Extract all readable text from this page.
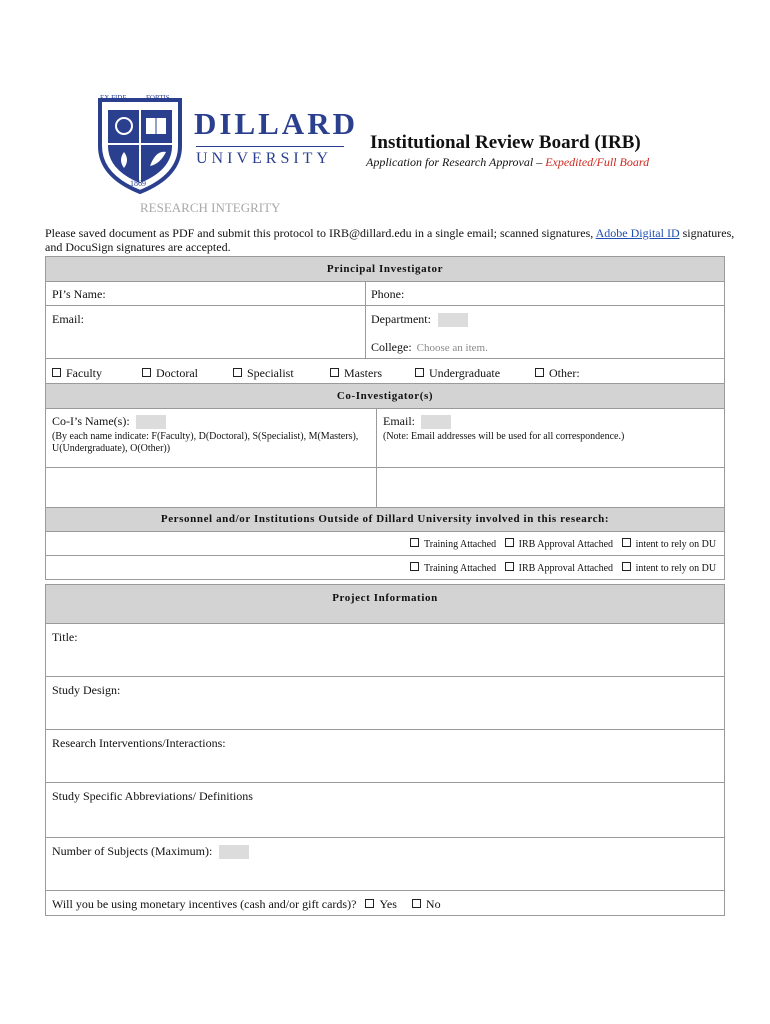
EX FIDE	FORTIS
1869
DILLARD
UNIVERSITY
RESEARCH INTEGRITY
Institutional Review Board (IRB)
Application for Research Approval – Expedited/Full Board
Please saved document as PDF and submit this protocol to IRB@dillard.edu in a single email; scanned signatures, Adobe Digital ID signatures, and DocuSign signatures are accepted.
Principal Investigator
PI’s Name:	Phone:
Email:	Department:
College: Choose an item.
Faculty	Doctoral	Specialist	Masters	Undergraduate	Other:
Co-Investigator(s)
Co-I’s Name(s):
(By each name indicate: F(Faculty), D(Doctoral), S(Specialist), M(Masters), U(Undergraduate), O(Other))
Email:
(Note: Email addresses will be used for all correspondence.)
Personnel and/or Institutions Outside of Dillard University involved in this research:
Training Attached IRB Approval Attached intent to rely on DU
Training Attached IRB Approval Attached intent to rely on DU
Project Information
Title:
Study Design:
Research Interventions/Interactions:
Study Specific Abbreviations/ Definitions
Number of Subjects (Maximum):
Will you be using monetary incentives (cash and/or gift cards)? Yes No
